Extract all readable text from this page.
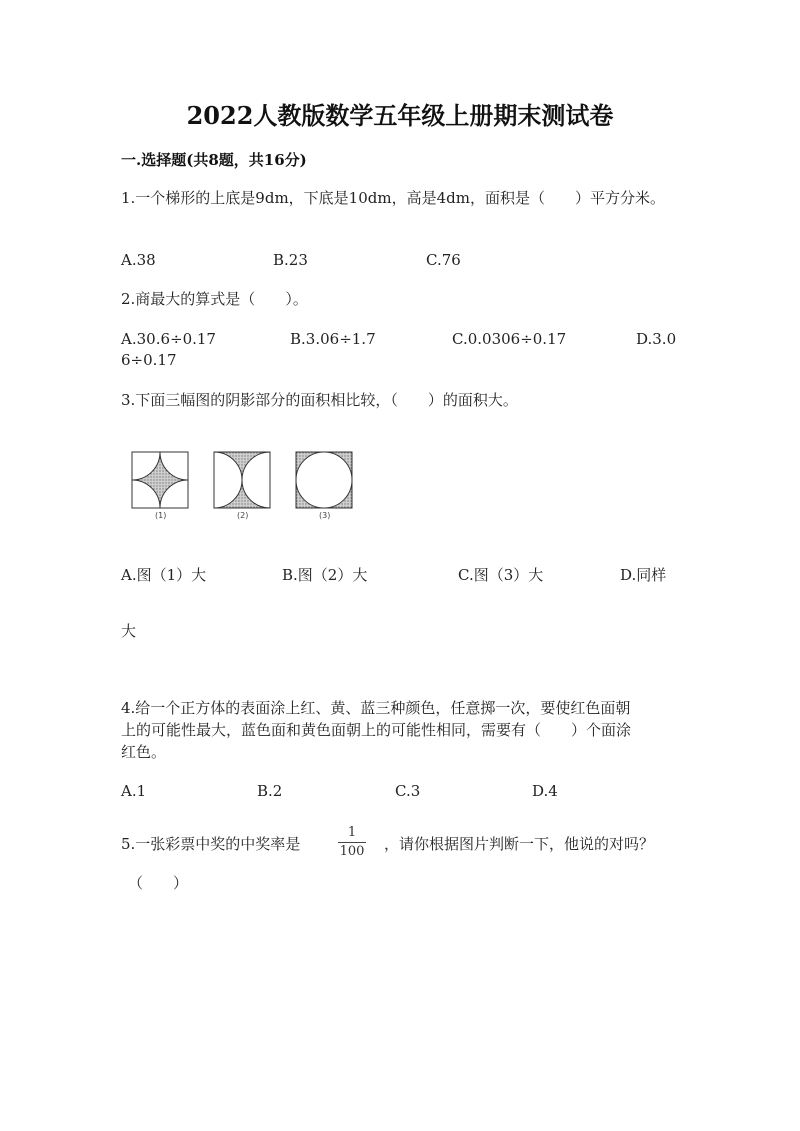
2022人教版数学五年级上册期末测试卷
一.选择题(共8题，共16分)
1.一个梯形的上底是9dm，下底是10dm，高是4dm，面积是（　　）平方分米。
A.38	B.23	C.76
2.商最大的算式是（　　）。
A.30.6÷0.17	B.3.06÷1.7	C.0.0306÷0.17	D.3.0
6÷0.17
3.下面三幅图的阴影部分的面积相比较，（　　）的面积大。
(1)	(2)	(3)
A.图（1）大	B.图（2）大	C.图（3）大	D.同样
大
4.给一个正方体的表面涂上红、黄、蓝三种颜色，任意掷一次，要使红色面朝
上的可能性最大，蓝色面和黄色面朝上的可能性相同，需要有（　　）个面涂
红色。
A.1	B.2	C.3	D.4
5.一张彩票中奖的中奖率是
1
100 ，请你根据图片判断一下，他说的对吗？
（　　）
